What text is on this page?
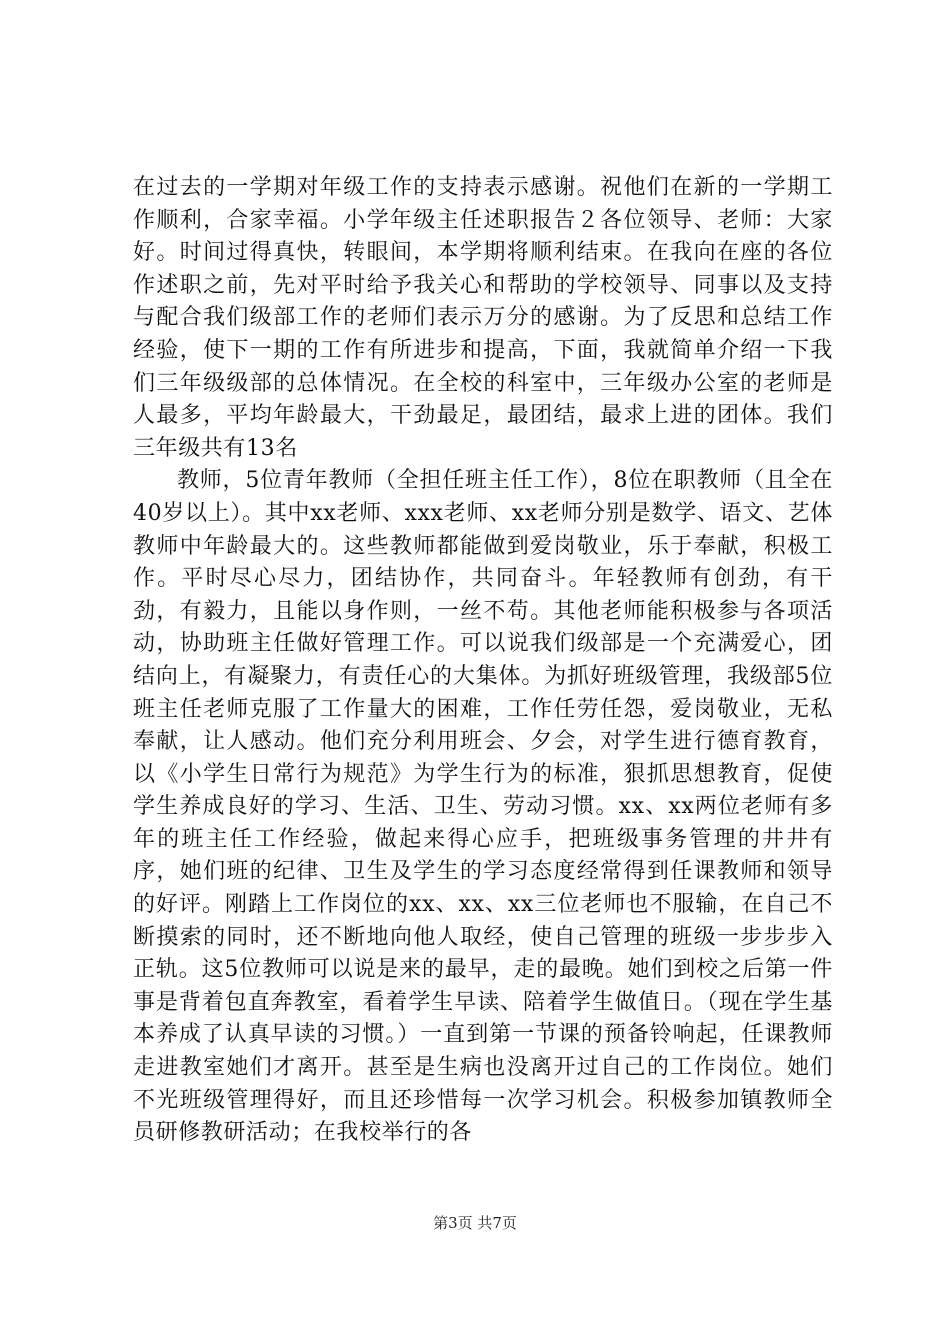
在过去的一学期对年级工作的支持表示感谢。祝他们在新的一学期工作顺利，合家幸福。小学年级主任述职报告２各位领导、老师：大家好。时间过得真快，转眼间，本学期将顺利结束。在我向在座的各位作述职之前，先对平时给予我关心和帮助的学校领导、同事以及支持与配合我们级部工作的老师们表示万分的感谢。为了反思和总结工作经验，使下一期的工作有所进步和提高，下面，我就简单介绍一下我们三年级级部的总体情况。在全校的科室中，三年级办公室的老师是人最多，平均年龄最大，干劲最足，最团结，最求上进的团体。我们三年级共有13名

教师，5位青年教师（全担任班主任工作），8位在职教师（且全在40岁以上）。其中xx老师、xxx老师、xx老师分别是数学、语文、艺体教师中年龄最大的。这些教师都能做到爱岗敬业，乐于奉献，积极工作。平时尽心尽力，团结协作，共同奋斗。年轻教师有创劲，有干劲，有毅力，且能以身作则，一丝不苟。其他老师能积极参与各项活动，协助班主任做好管理工作。可以说我们级部是一个充满爱心，团结向上，有凝聚力，有责任心的大集体。为抓好班级管理，我级部5位班主任老师克服了工作量大的困难，工作任劳任怨，爱岗敬业，无私奉献，让人感动。他们充分利用班会、夕会，对学生进行德育教育，以《小学生日常行为规范》为学生行为的标准，狠抓思想教育，促使学生养成良好的学习、生活、卫生、劳动习惯。xx、xx两位老师有多年的班主任工作经验，做起来得心应手，把班级事务管理的井井有序，她们班的纪律、卫生及学生的学习态度经常得到任课教师和领导的好评。刚踏上工作岗位的xx、xx、xx三位老师也不服输，在自己不断摸索的同时，还不断地向他人取经，使自己管理的班级一步步步入正轨。这5位教师可以说是来的最早，走的最晚。她们到校之后第一件事是背着包直奔教室，看着学生早读、陪着学生做值日。（现在学生基本养成了认真早读的习惯。）一直到第一节课的预备铃响起，任课教师走进教室她们才离开。甚至是生病也没离开过自己的工作岗位。她们不光班级管理得好，而且还珍惜每一次学习机会。积极参加镇教师全员研修教研活动；在我校举行的各

第3页 共7页
